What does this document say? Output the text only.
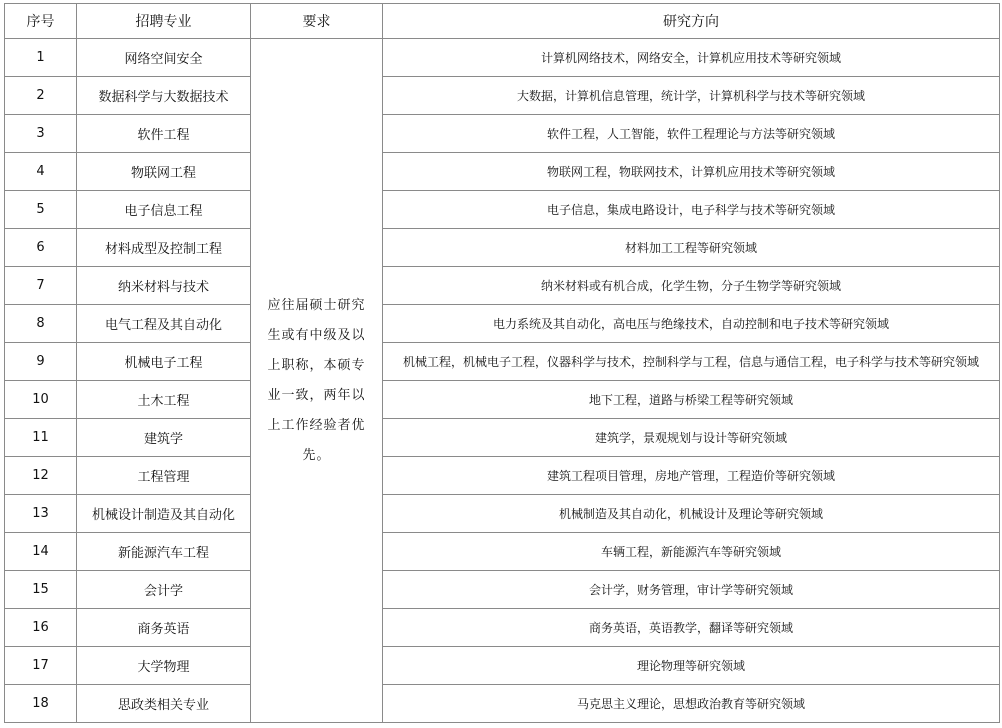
序号	招聘专业	要求	研究方向
1	网络空间安全	应往届硕士研究生或有中级及以上职称，本硕专业一致，两年以上工作经验者优先。	计算机网络技术，网络安全，计算机应用技术等研究领域
2	数据科学与大数据技术		大数据，计算机信息管理，统计学，计算机科学与技术等研究领域
3	软件工程		软件工程，人工智能，软件工程理论与方法等研究领域
4	物联网工程		物联网工程，物联网技术，计算机应用技术等研究领域
5	电子信息工程		电子信息，集成电路设计，电子科学与技术等研究领域
6	材料成型及控制工程		材料加工工程等研究领域
7	纳米材料与技术		纳米材料或有机合成，化学生物，分子生物学等研究领域
8	电气工程及其自动化		电力系统及其自动化，高电压与绝缘技术，自动控制和电子技术等研究领域
9	机械电子工程		机械工程，机械电子工程，仪器科学与技术，控制科学与工程，信息与通信工程，电子科学与技术等研究领域
10	土木工程		地下工程，道路与桥梁工程等研究领域
11	建筑学		建筑学，景观规划与设计等研究领域
12	工程管理		建筑工程项目管理，房地产管理，工程造价等研究领域
13	机械设计制造及其自动化		机械制造及其自动化，机械设计及理论等研究领域
14	新能源汽车工程		车辆工程，新能源汽车等研究领域
15	会计学		会计学，财务管理，审计学等研究领域
16	商务英语		商务英语，英语教学，翻译等研究领域
17	大学物理		理论物理等研究领域
18	思政类相关专业		马克思主义理论，思想政治教育等研究领域
